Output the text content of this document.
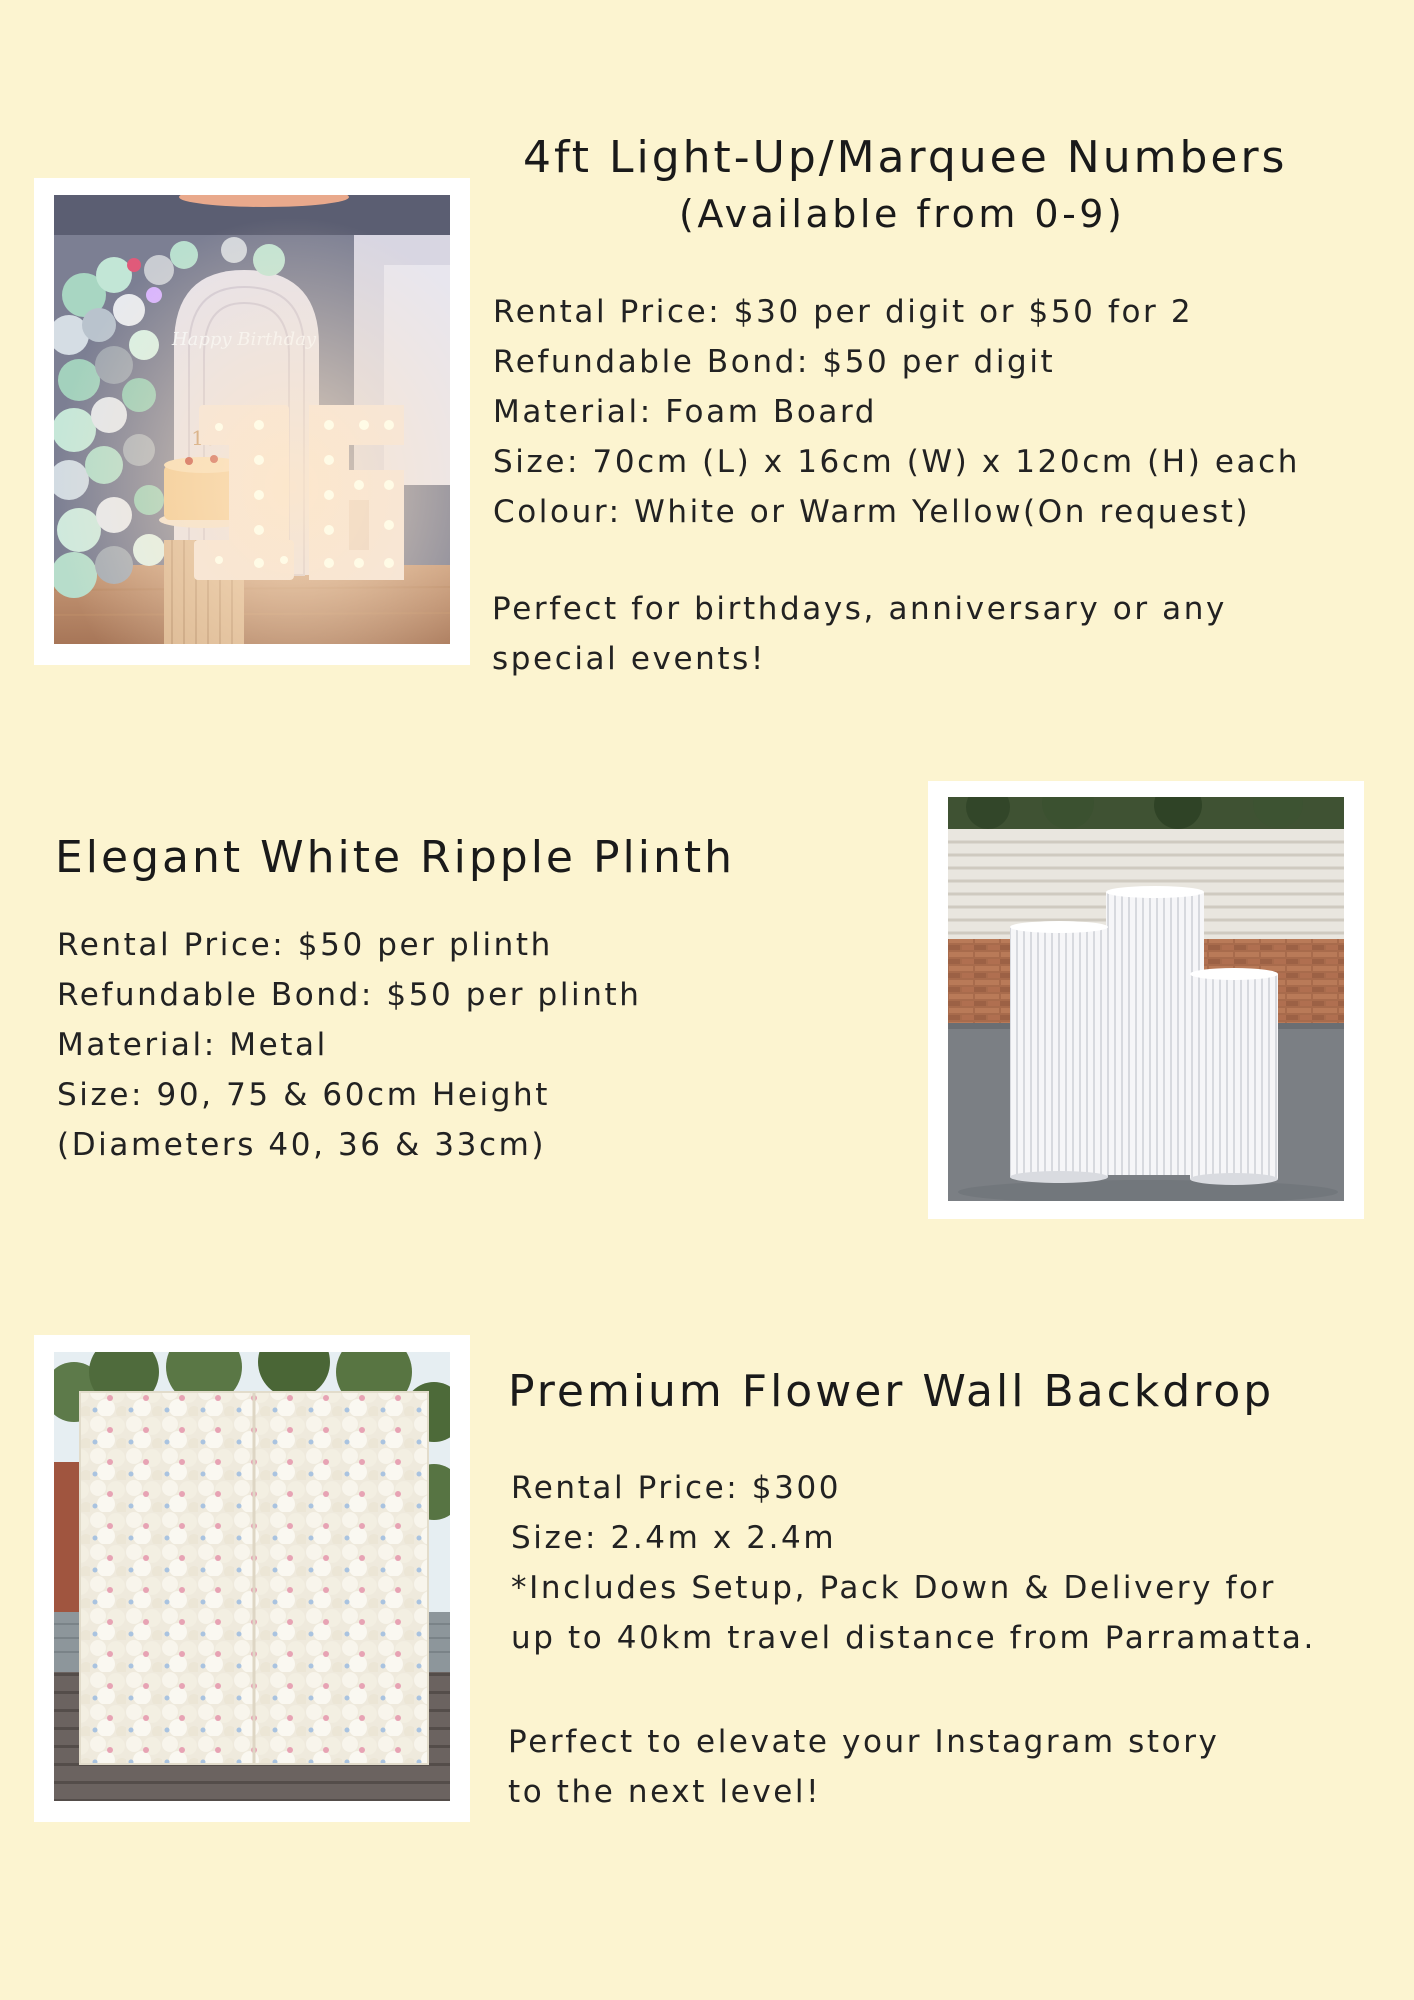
4ft Light-Up/Marquee Numbers
(Available from 0-9)
Rental Price: $30 per digit or $50 for 2
Refundable Bond: $50 per digit
Material: Foam Board
Size: 70cm (L) x 16cm (W) x 120cm (H) each
Colour: White or Warm Yellow(On request)
Perfect for birthdays, anniversary or any
special events!
Elegant White Ripple Plinth
Rental Price: $50 per plinth
Refundable Bond: $50 per plinth
Material: Metal
Size: 90, 75 & 60cm Height
(Diameters 40, 36 & 33cm)
Premium Flower Wall Backdrop
Rental Price: $300
Size: 2.4m x 2.4m
*Includes Setup, Pack Down & Delivery for
up to 40km travel distance from Parramatta.
Perfect to elevate your Instagram story
to the next level!
